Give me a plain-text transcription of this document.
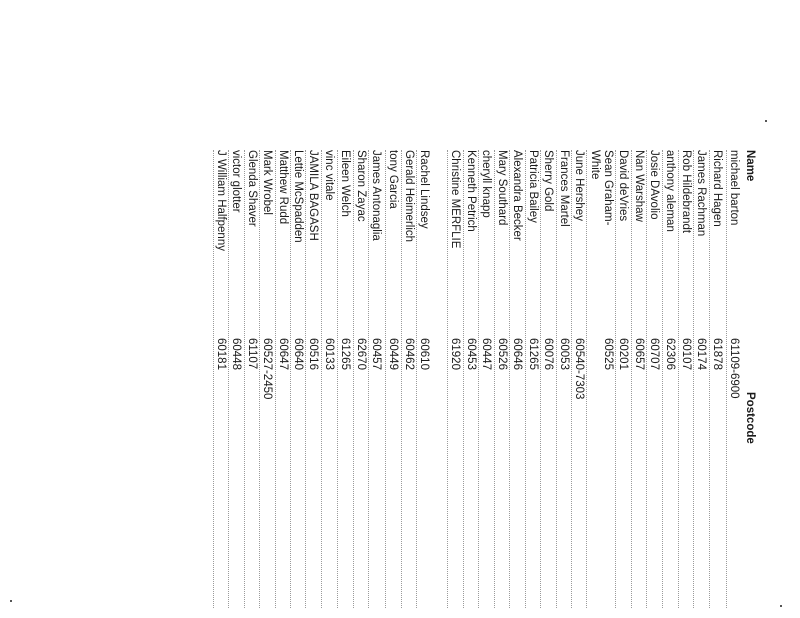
Name
Postcode
michael barton
61109-6900
Richard Hagen
61878
James Rachman
60174
Rob Hildebrandt
60107
anthony aleman
62306
Josie DAvolio
60707
Nan Warshaw
60657
David deVries
60201
Sean Graham-
White
60525
June Hershey
60540-7303
Frances Martel
60053
Sherry Gold
60076
Patricia Bailey
61265
Alexandra Becker
60646
Mary Southard
60526
cheryll knapp
60447
Kenneth Petrich
60453
Christine MERFLIE
61920
Rachel Lindsey
60610
Gerald Heimerlich
60462
tony Garcia
60449
James Antonaglia
60457
Sharon Zayac
62670
Eileen Welch
61265
vinc vitale
60133
JAMILA BAGASH
60516
Lettie McSpadden
60640
Matthew Rudd
60647
Mark Wrobel
60527-2450
Glenda Shaver
61107
victor glotter
60448
J William Halfpenny
60181
